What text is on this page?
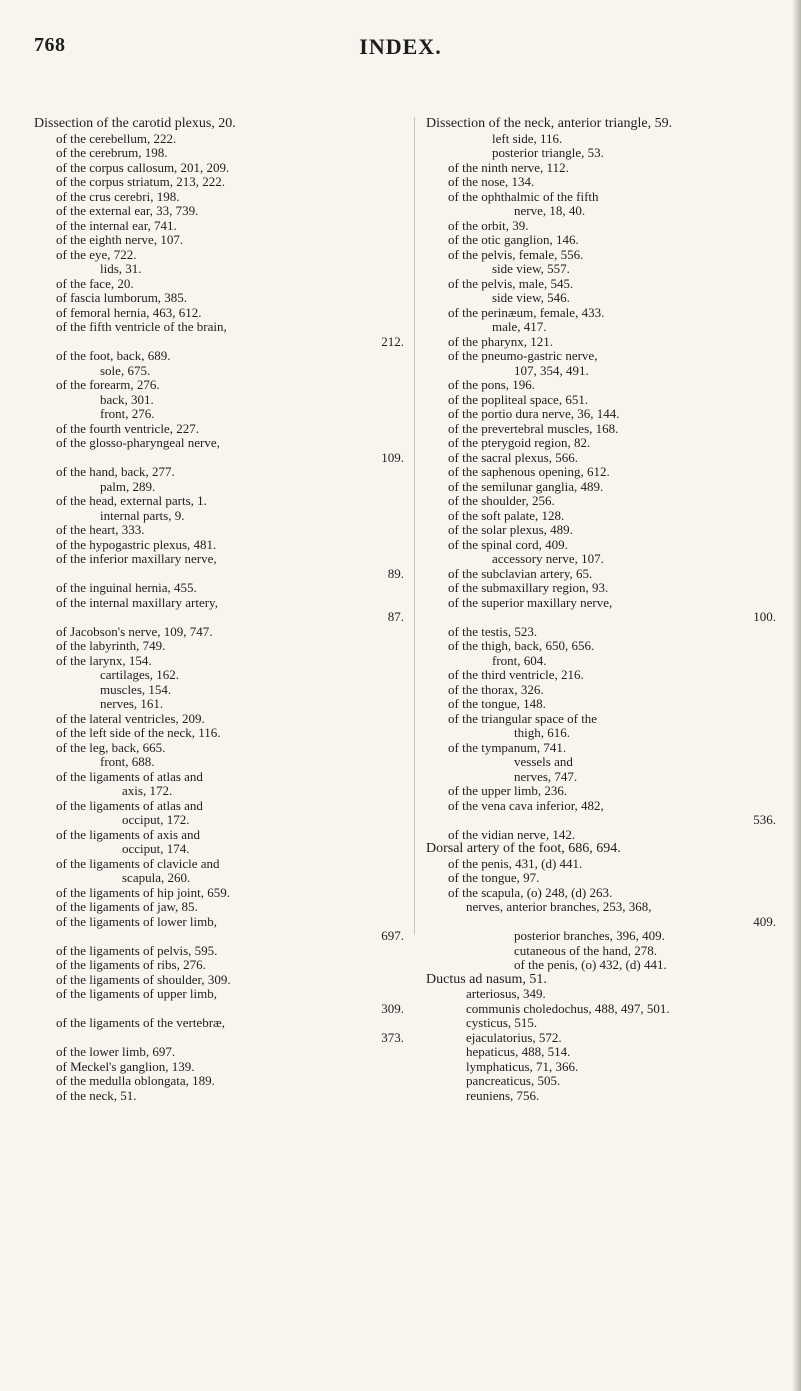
768	INDEX.
Dissection of the carotid plexus, 20.
of the cerebellum, 222.
of the cerebrum, 198.
of the corpus callosum, 201, 209.
of the corpus striatum, 213, 222.
of the crus cerebri, 198.
of the external ear, 33, 739.
of the internal ear, 741.
of the eighth nerve, 107.
of the eye, 722.
lids, 31.
of the face, 20.
of fascia lumborum, 385.
of femoral hernia, 463, 612.
of the fifth ventricle of the brain,
212.
of the foot, back, 689.
sole, 675.
of the forearm, 276.
back, 301.
front, 276.
of the fourth ventricle, 227.
of the glosso-pharyngeal nerve,
109.
of the hand, back, 277.
palm, 289.
of the head, external parts, 1.
internal parts, 9.
of the heart, 333.
of the hypogastric plexus, 481.
of the inferior maxillary nerve,
89.
of the inguinal hernia, 455.
of the internal maxillary artery,
87.
of Jacobson's nerve, 109, 747.
of the labyrinth, 749.
of the larynx, 154.
cartilages, 162.
muscles, 154.
nerves, 161.
of the lateral ventricles, 209.
of the left side of the neck, 116.
of the leg, back, 665.
front, 688.
of the ligaments of atlas and
axis, 172.
of the ligaments of atlas and
occiput, 172.
of the ligaments of axis and
occiput, 174.
of the ligaments of clavicle and
scapula, 260.
of the ligaments of hip joint, 659.
of the ligaments of jaw, 85.
of the ligaments of lower limb,
697.
of the ligaments of pelvis, 595.
of the ligaments of ribs, 276.
of the ligaments of shoulder, 309.
of the ligaments of upper limb,
309.
of the ligaments of the vertebræ,
373.
of the lower limb, 697.
of Meckel's ganglion, 139.
of the medulla oblongata, 189.
of the neck, 51.
Dissection of the neck, anterior triangle, 59.
left side, 116.
posterior triangle, 53.
of the ninth nerve, 112.
of the nose, 134.
of the ophthalmic of the fifth
nerve, 18, 40.
of the orbit, 39.
of the otic ganglion, 146.
of the pelvis, female, 556.
side view, 557.
of the pelvis, male, 545.
side view, 546.
of the perinæum, female, 433.
male, 417.
of the pharynx, 121.
of the pneumo-gastric nerve,
107, 354, 491.
of the pons, 196.
of the popliteal space, 651.
of the portio dura nerve, 36, 144.
of the prevertebral muscles, 168.
of the pterygoid region, 82.
of the sacral plexus, 566.
of the saphenous opening, 612.
of the semilunar ganglia, 489.
of the shoulder, 256.
of the soft palate, 128.
of the solar plexus, 489.
of the spinal cord, 409.
accessory nerve, 107.
of the subclavian artery, 65.
of the submaxillary region, 93.
of the superior maxillary nerve,
100.
of the testis, 523.
of the thigh, back, 650, 656.
front, 604.
of the third ventricle, 216.
of the thorax, 326.
of the tongue, 148.
of the triangular space of the
thigh, 616.
of the tympanum, 741.
vessels and
nerves, 747.
of the upper limb, 236.
of the vena cava inferior, 482,
536.
of the vidian nerve, 142.
Dorsal artery of the foot, 686, 694.
of the penis, 431, (d) 441.
of the tongue, 97.
of the scapula, (o) 248, (d) 263.
nerves, anterior branches, 253, 368,
409.
posterior branches, 396, 409.
cutaneous of the hand, 278.
of the penis, (o) 432, (d) 441.
Ductus ad nasum, 51.
arteriosus, 349.
communis choledochus, 488, 497, 501.
cysticus, 515.
ejaculatorius, 572.
hepaticus, 488, 514.
lymphaticus, 71, 366.
pancreaticus, 505.
reuniens, 756.
